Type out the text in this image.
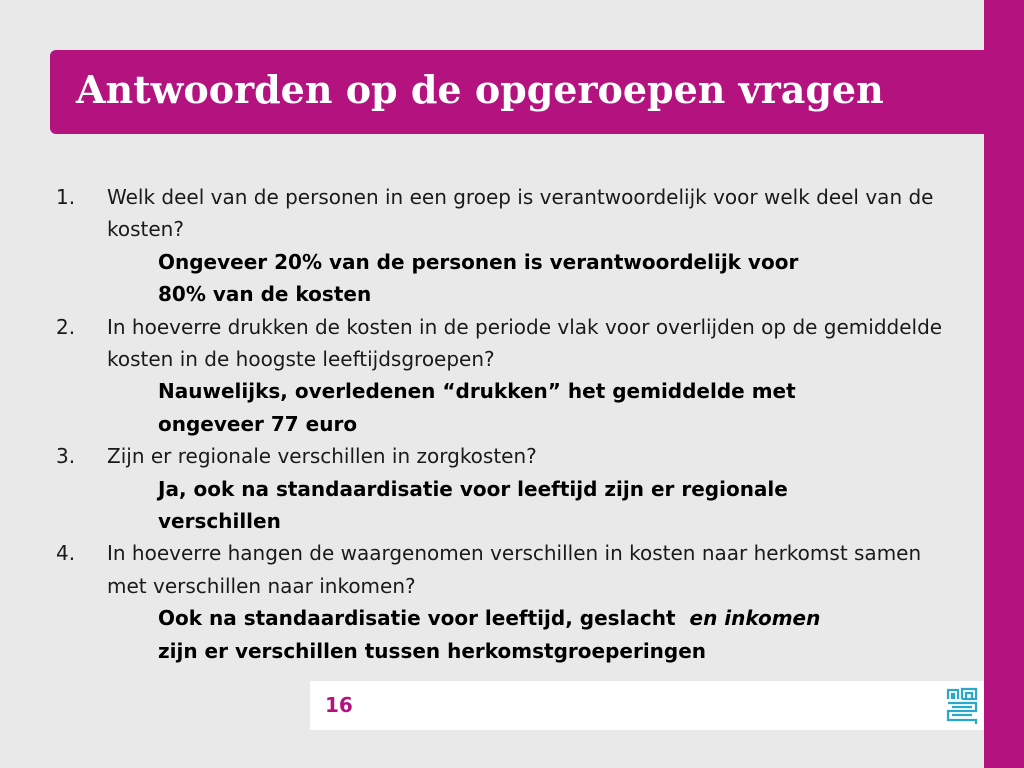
Antwoorden op de opgeroepen vragen
1. Welk deel van de personen in een groep is verantwoordelijk voor welk deel van de kosten?
Ongeveer 20% van de personen is verantwoordelijk voor
80% van de kosten
2. In hoeverre drukken de kosten in de periode vlak voor overlijden op de gemiddelde kosten in de hoogste leeftijdsgroepen?
Nauwelijks, overledenen “drukken” het gemiddelde met
ongeveer 77 euro
3. Zijn er regionale verschillen in zorgkosten?
Ja, ook na standaardisatie voor leeftijd zijn er regionale
verschillen
4. In hoeverre hangen de waargenomen verschillen in kosten naar herkomst samen met verschillen naar inkomen?
Ook na standaardisatie voor leeftijd, geslacht en inkomen
zijn er verschillen tussen herkomstgroeperingen
16
